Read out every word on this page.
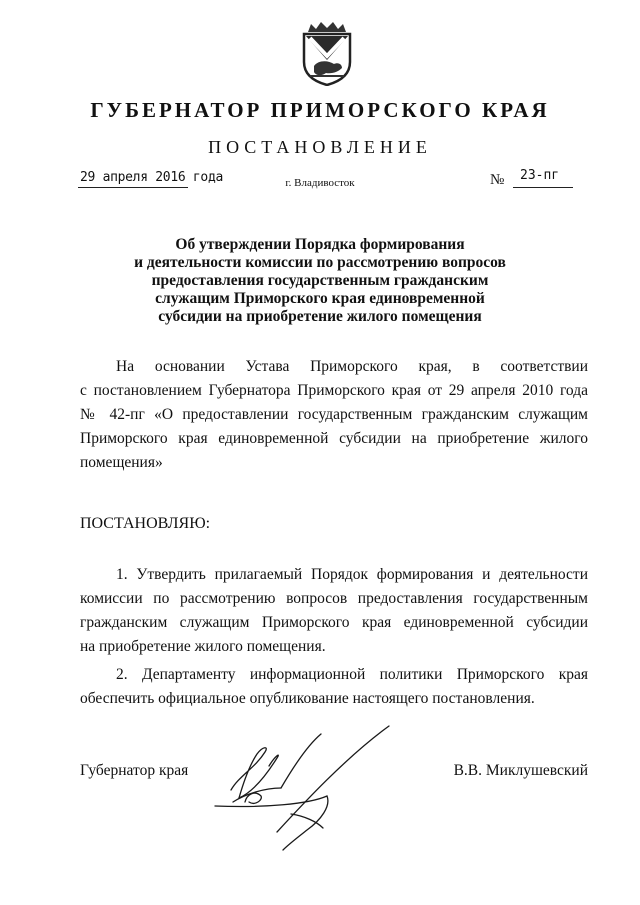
ГУБЕРНАТОР ПРИМОРСКОГО КРАЯ
ПОСТАНОВЛЕНИЕ
29 апреля 2016 года	г. Владивосток	№ 23-пг
Об утверждении Порядка формирования
и деятельности комиссии по рассмотрению вопросов
предоставления государственным гражданским
служащим Приморского края единовременной
субсидии на приобретение жилого помещения
На основании Устава Приморского края, в соответствии
с постановлением Губернатора Приморского края от 29 апреля 2010 года
№ 42-пг «О предоставлении государственным гражданским служащим
Приморского края единовременной субсидии на приобретение жилого
помещения»
ПОСТАНОВЛЯЮ:
1. Утвердить прилагаемый Порядок формирования и деятельности
комиссии по рассмотрению вопросов предоставления государственным
гражданским служащим Приморского края единовременной субсидии
на приобретение жилого помещения.
2. Департаменту информационной политики Приморского края
обеспечить официальное опубликование настоящего постановления.
Губернатор края	В.В. Миклушевский
